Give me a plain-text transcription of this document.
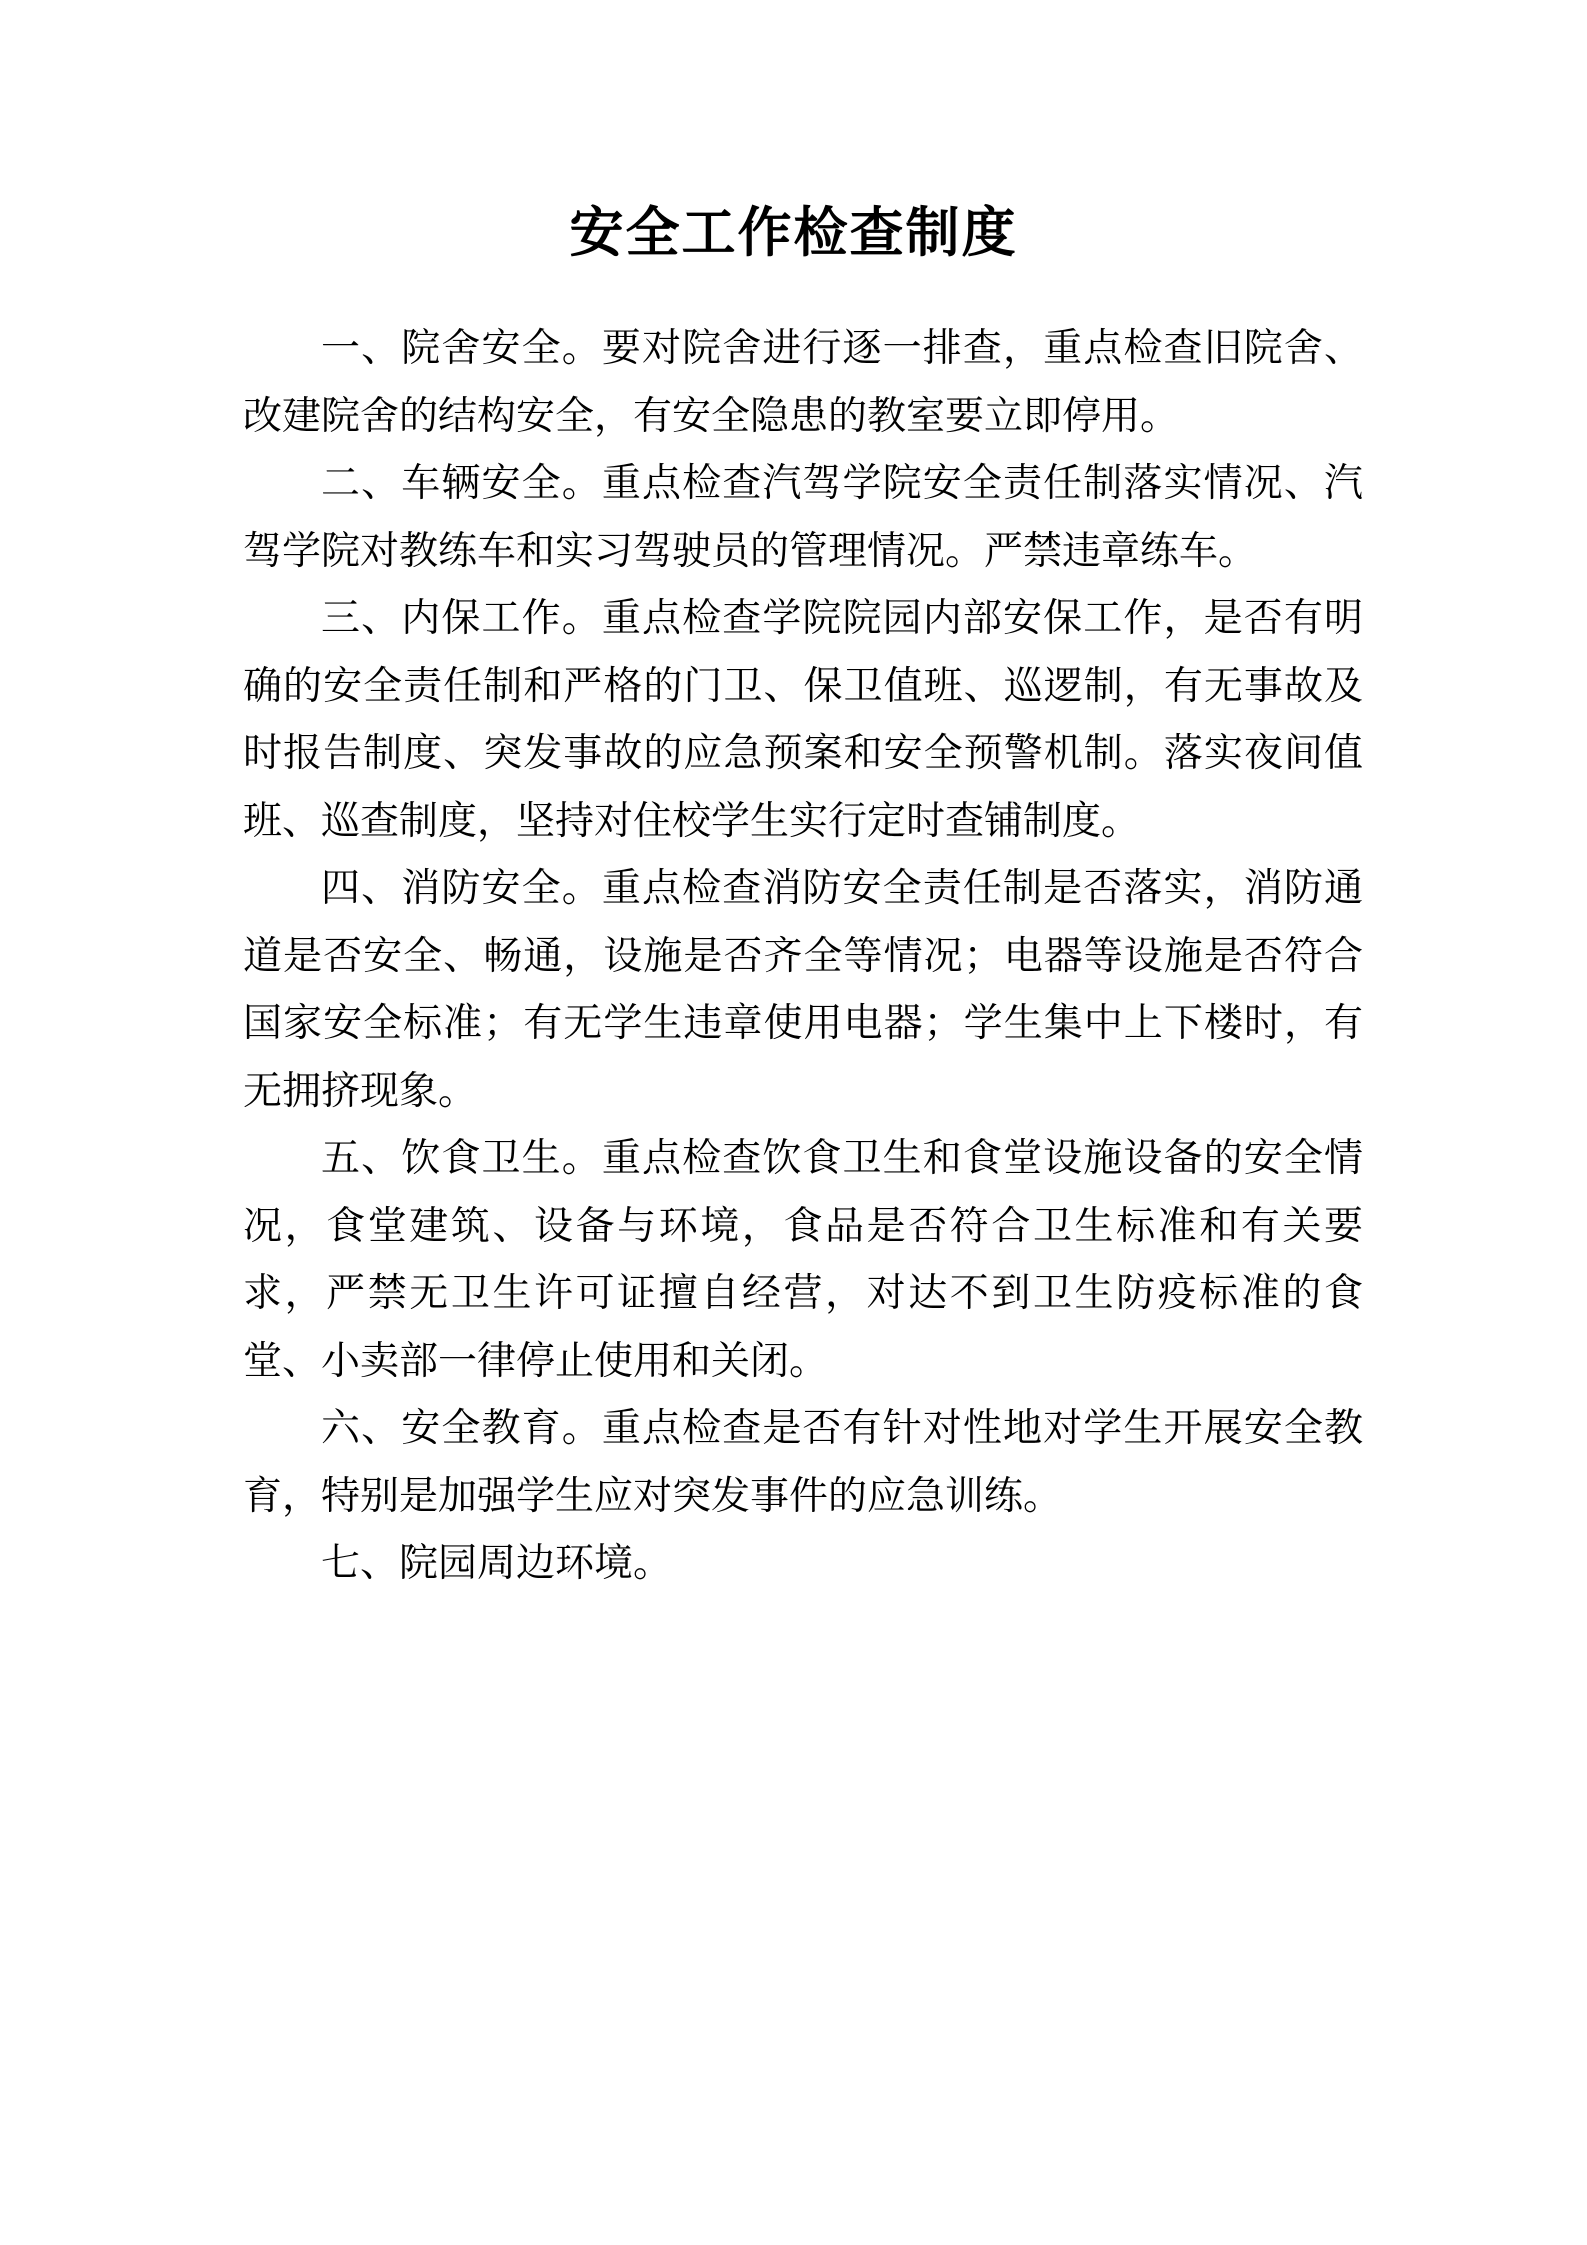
安全工作检查制度

一、院舍安全。要对院舍进行逐一排查，重点检查旧院舍、改建院舍的结构安全，有安全隐患的教室要立即停用。

二、车辆安全。重点检查汽驾学院安全责任制落实情况、汽驾学院对教练车和实习驾驶员的管理情况。严禁违章练车。

三、内保工作。重点检查学院院园内部安保工作，是否有明确的安全责任制和严格的门卫、保卫值班、巡逻制，有无事故及时报告制度、突发事故的应急预案和安全预警机制。落实夜间值班、巡查制度，坚持对住校学生实行定时查铺制度。

四、消防安全。重点检查消防安全责任制是否落实，消防通道是否安全、畅通，设施是否齐全等情况；电器等设施是否符合国家安全标准；有无学生违章使用电器；学生集中上下楼时，有无拥挤现象。

五、饮食卫生。重点检查饮食卫生和食堂设施设备的安全情况，食堂建筑、设备与环境，食品是否符合卫生标准和有关要求，严禁无卫生许可证擅自经营，对达不到卫生防疫标准的食堂、小卖部一律停止使用和关闭。

六、安全教育。重点检查是否有针对性地对学生开展安全教育，特别是加强学生应对突发事件的应急训练。

七、院园周边环境。
